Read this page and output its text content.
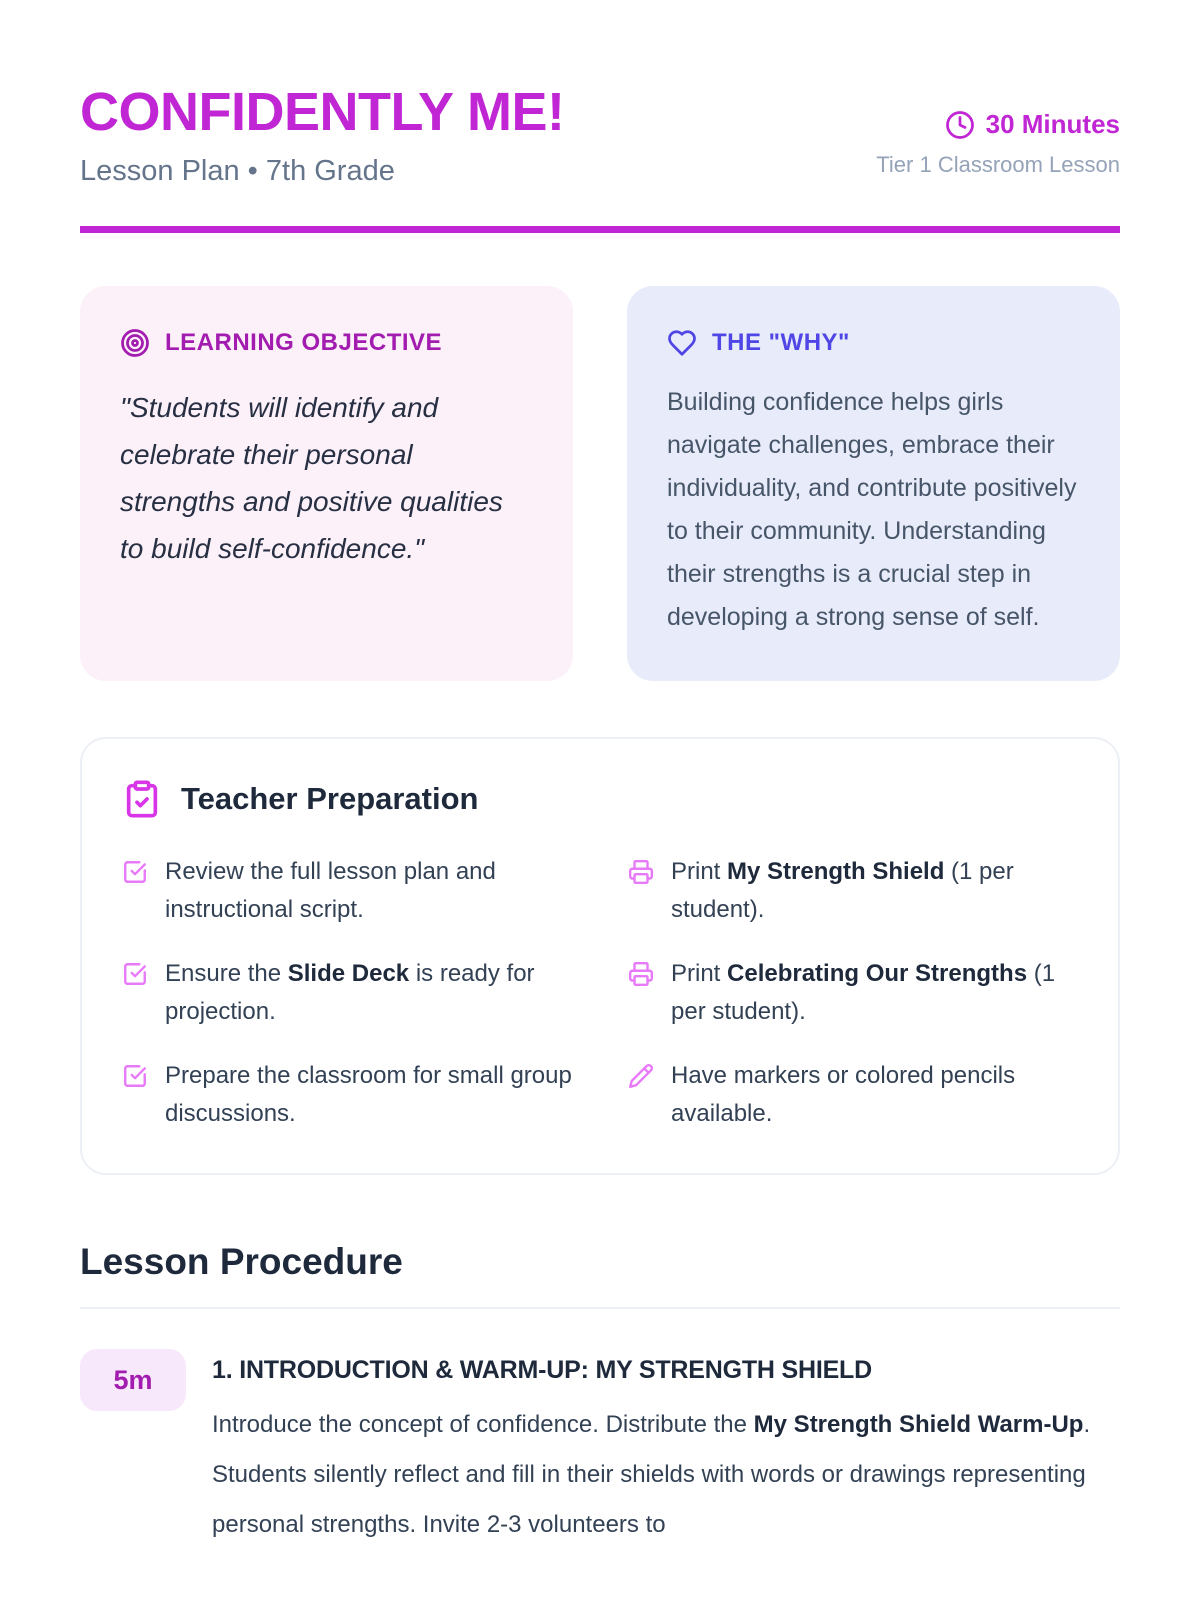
CONFIDENTLY ME!
Lesson Plan • 7th Grade
30 Minutes
Tier 1 Classroom Lesson
LEARNING OBJECTIVE
"Students will identify and celebrate their personal strengths and positive qualities to build self-confidence."
THE "WHY"
Building confidence helps girls navigate challenges, embrace their individuality, and contribute positively to their community. Understanding their strengths is a crucial step in developing a strong sense of self.
Teacher Preparation
Review the full lesson plan and instructional script.
Print My Strength Shield (1 per student).
Ensure the Slide Deck is ready for projection.
Print Celebrating Our Strengths (1 per student).
Prepare the classroom for small group discussions.
Have markers or colored pencils available.
Lesson Procedure
5m	1. INTRODUCTION & WARM-UP: MY STRENGTH SHIELD
Introduce the concept of confidence. Distribute the My Strength Shield Warm-Up. Students silently reflect and fill in their shields with words or drawings representing personal strengths. Invite 2-3 volunteers to
